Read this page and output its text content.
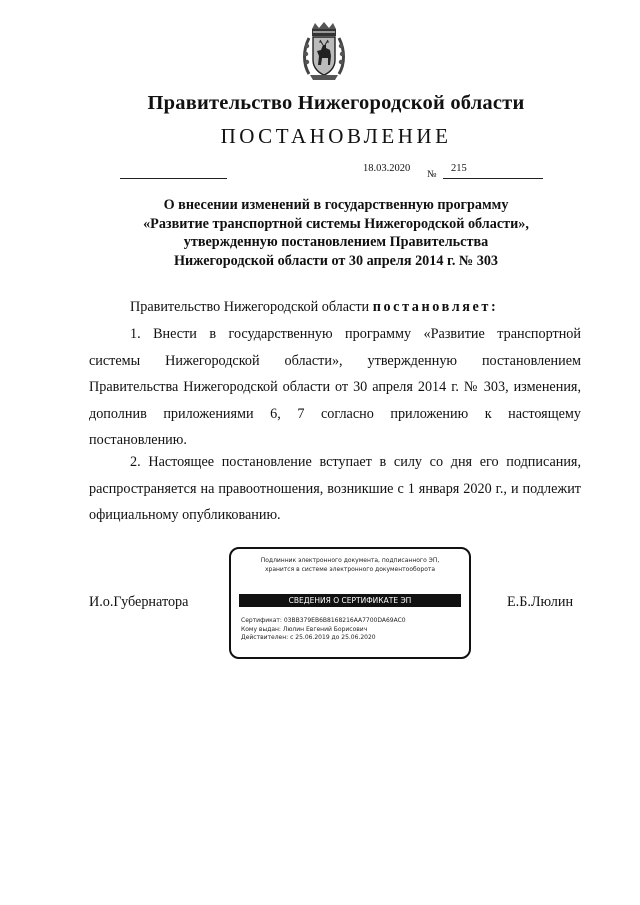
Правительство Нижегородской области
ПОСТАНОВЛЕНИЕ
18.03.2020
№
215
О внесении изменений в государственную программу
«Развитие транспортной системы Нижегородской области»,
утвержденную постановлением Правительства
Нижегородской области от 30 апреля 2014 г. № 303

Правительство Нижегородской области постановляет:

1. Внести в государственную программу «Развитие транспортной системы Нижегородской области», утвержденную постановлением Правительства Нижегородской области от 30 апреля 2014 г. № 303, изменения, дополнив приложениями 6, 7 согласно приложению к настоящему постановлению.

2. Настоящее постановление вступает в силу со дня его подписания, распространяется на правоотношения, возникшие с 1 января 2020 г., и подлежит официальному опубликованию.

И.о.Губернатора	Е.Б.Люлин
Подлинник электронного документа, подписанного ЭП,
хранится в системе электронного документооборота
СВЕДЕНИЯ О СЕРТИФИКАТЕ ЭП
Сертификат: 03BB379EB6B8168216AA7700DA69AC0
Кому выдан: Люлин Евгений Борисович
Действителен: с 25.06.2019 до 25.06.2020
